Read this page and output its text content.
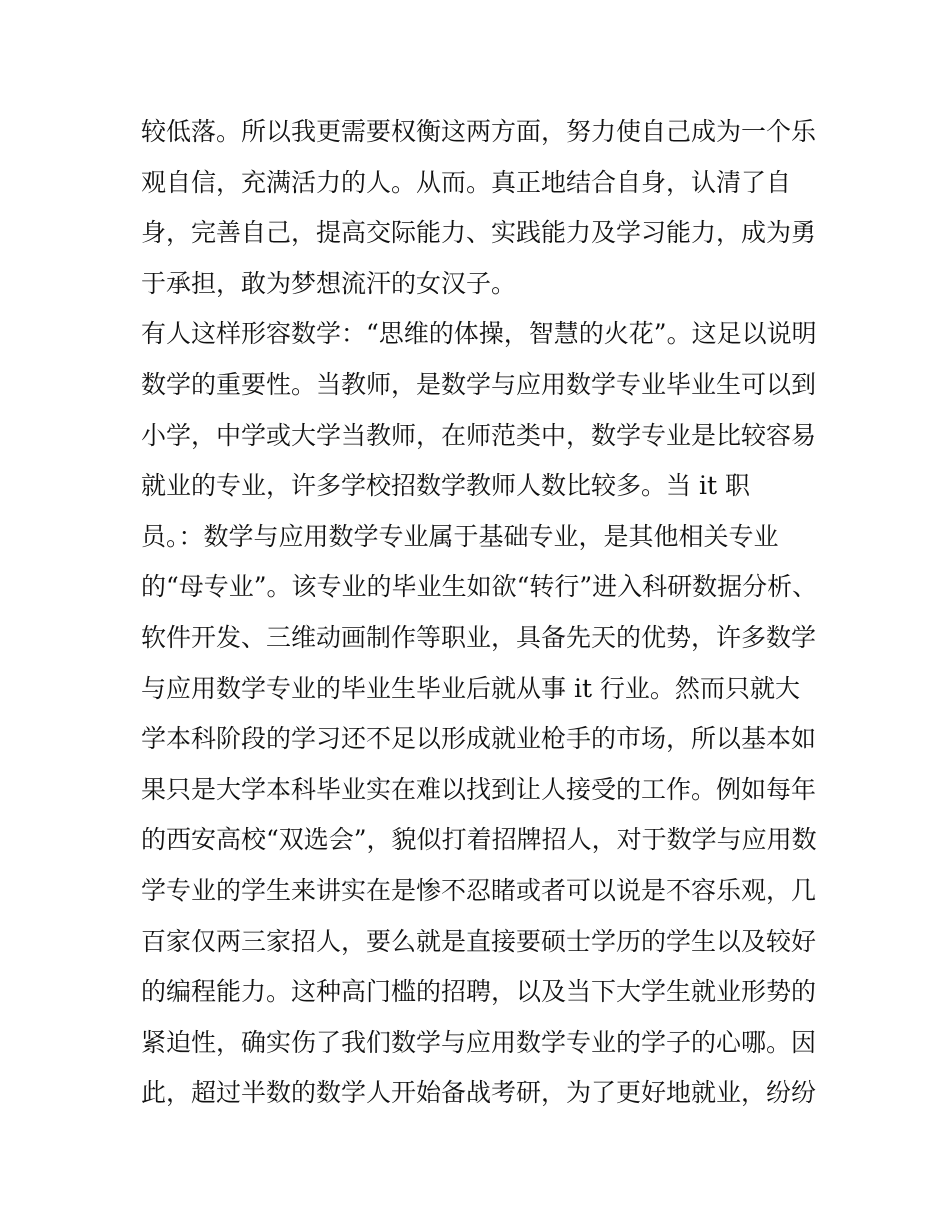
较低落。所以我更需要权衡这两方面，努力使自己成为一个乐
观自信，充满活力的人。从而。真正地结合自身，认清了自
身，完善自己，提高交际能力、实践能力及学习能力，成为勇
于承担，敢为梦想流汗的女汉子。
有人这样形容数学：“思维的体操，智慧的火花”。这足以说明
数学的重要性。当教师，是数学与应用数学专业毕业生可以到
小学，中学或大学当教师，在师范类中，数学专业是比较容易
就业的专业，许多学校招数学教师人数比较多。当 it 职
员。：数学与应用数学专业属于基础专业，是其他相关专业
的“母专业”。该专业的毕业生如欲“转行”进入科研数据分析、
软件开发、三维动画制作等职业，具备先天的优势，许多数学
与应用数学专业的毕业生毕业后就从事 it 行业。然而只就大
学本科阶段的学习还不足以形成就业枪手的市场，所以基本如
果只是大学本科毕业实在难以找到让人接受的工作。例如每年
的西安高校“双选会”，貌似打着招牌招人，对于数学与应用数
学专业的学生来讲实在是惨不忍睹或者可以说是不容乐观，几
百家仅两三家招人，要么就是直接要硕士学历的学生以及较好
的编程能力。这种高门槛的招聘，以及当下大学生就业形势的
紧迫性，确实伤了我们数学与应用数学专业的学子的心哪。因
此，超过半数的数学人开始备战考研，为了更好地就业，纷纷
